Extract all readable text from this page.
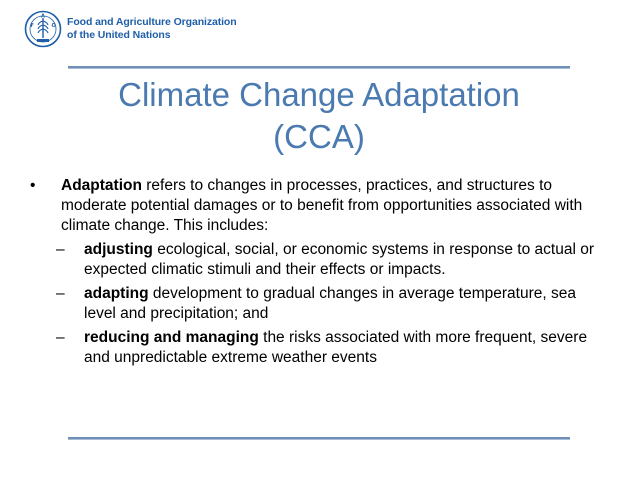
F
A
O Food and Agriculture Organization
of the United Nations
Climate Change Adaptation
(CCA)
• Adaptation refers to changes in processes, practices, and structures to moderate potential damages or to benefit from opportunities associated with climate change. This includes:
– adjusting ecological, social, or economic systems in response to actual or expected climatic stimuli and their effects or impacts.
– adapting development to gradual changes in average temperature, sea level and precipitation; and
– reducing and managing the risks associated with more frequent, severe and unpredictable extreme weather events
